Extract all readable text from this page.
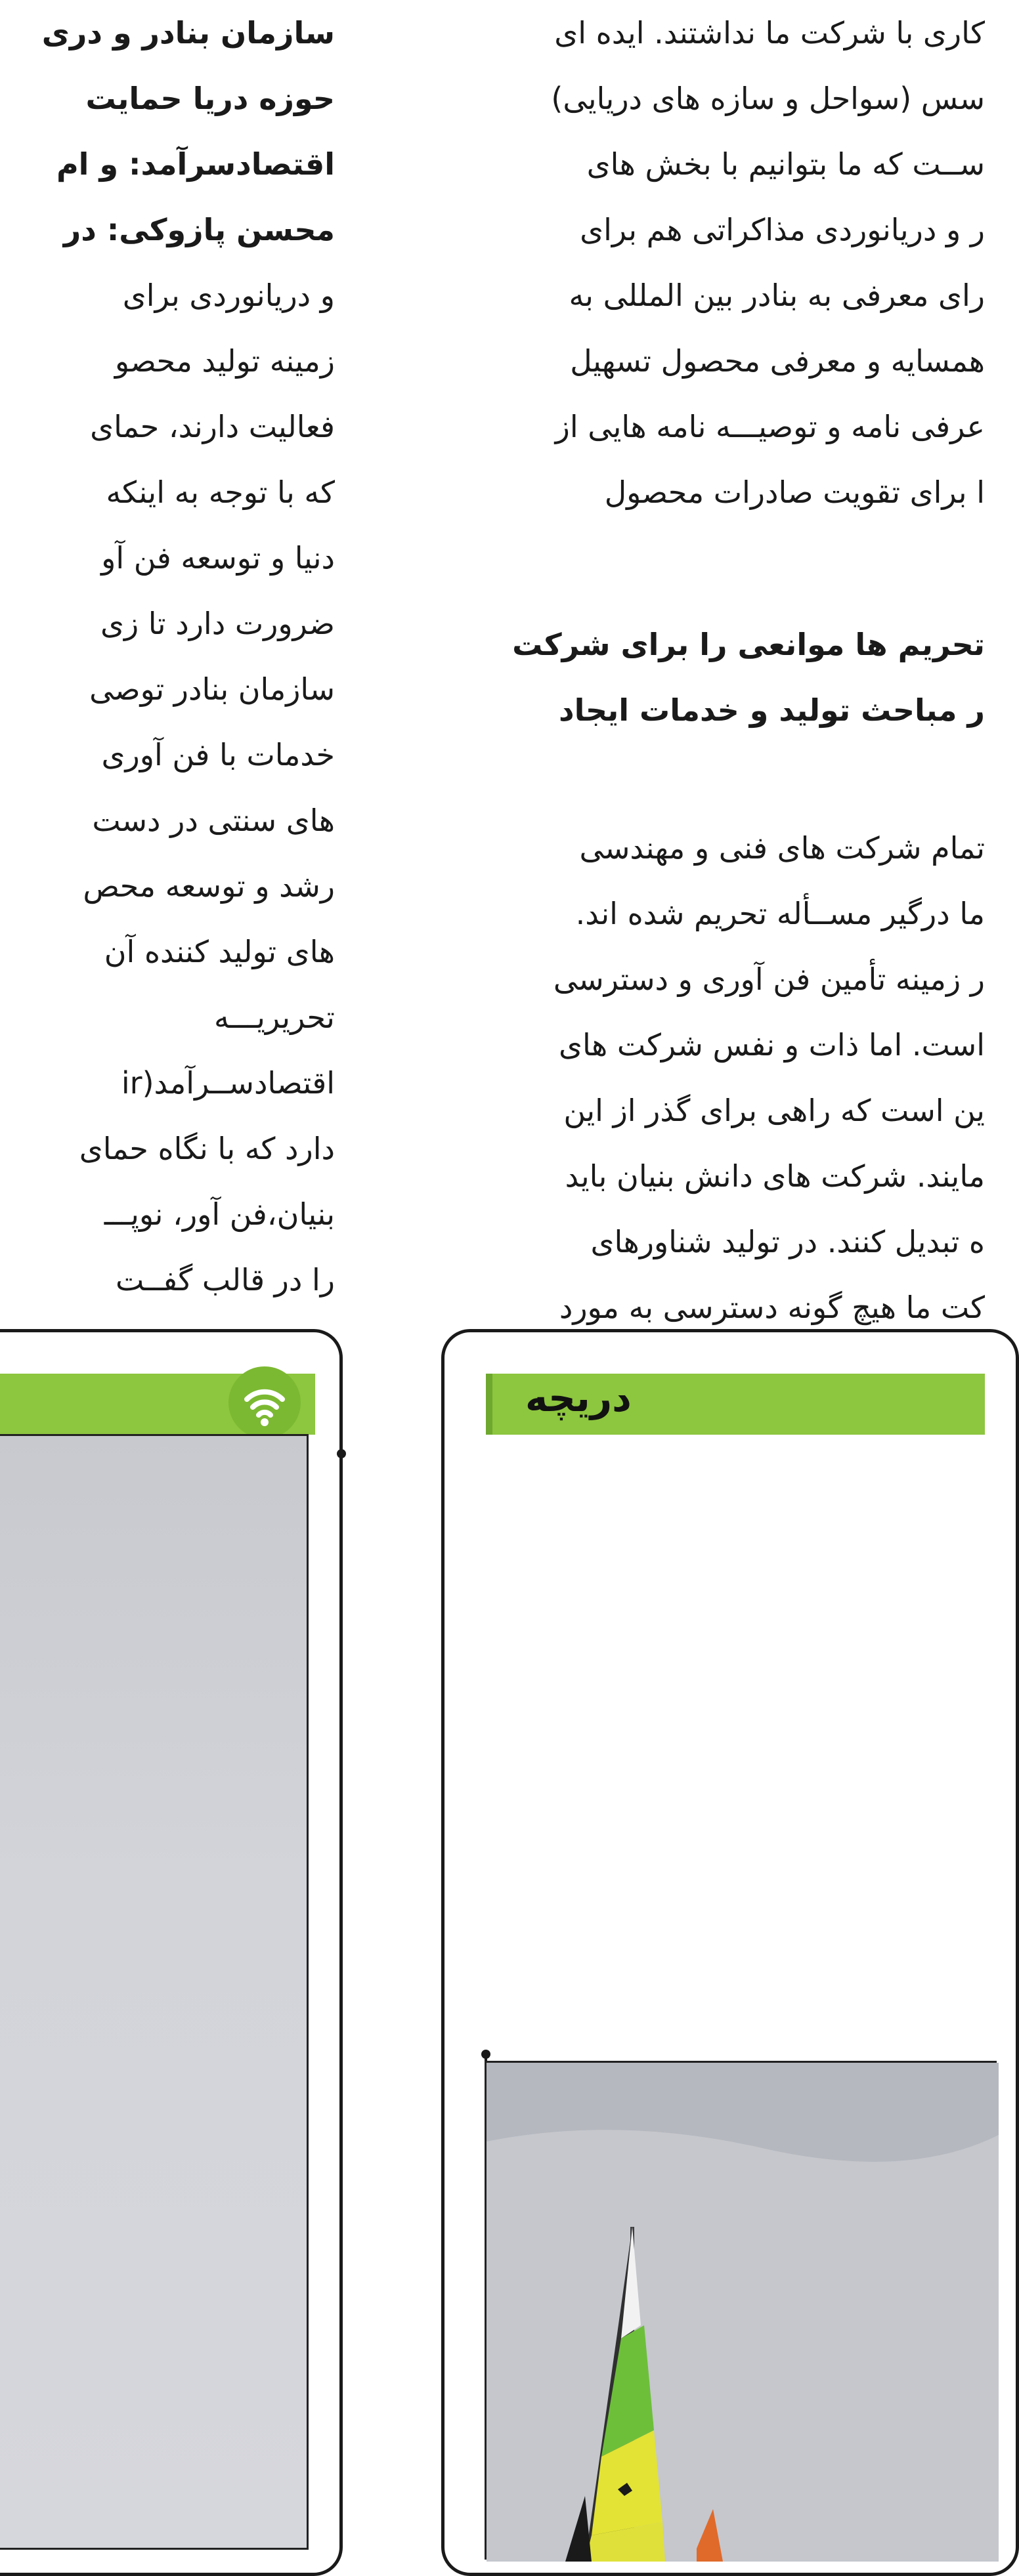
سازمان بنادر و دری
حوزه دریا حمایت
اقتصادسرآمد: و ام
محسن پازوکی: در
و دریانوردی برای
زمینه تولید محصو
فعالیت دارند، حمای
که با توجه به اینکه
دنیا و توسعه فن آو
ضرورت دارد تا زی
سازمان بنادر توصی
خدمات با فن آوری
های سنتی در دست
رشد و توسعه محص
های تولید کننده آن
تحریریـــه
اقتصادســرآمد(ir
دارد که با نگاه حمای
بنیان،فن آور، نوپـــ
را در قالب گفــت
کاری با شرکت ما نداشتند. ایده ای
سس (سواحل و سازه های دریایی)
ســت که ما بتوانیم با بخش های
ر و دریانوردی مذاکراتی هم برای
رای معرفی به بنادر بین المللی به
همسایه و معرفی محصول تسهیل
عرفی نامه و توصیـــه نامه هایی از
ا برای تقویت صادرات محصول
تحریم ها موانعی را برای شرکت
ر مباحث تولید و خدمات ایجاد
تمام شرکت های فنی و مهندسی
ما درگیر مســأله تحریم شده اند.
ر زمینه تأمین فن آوری و دسترسی
است. اما ذات و نفس شرکت های
ین است که راهی برای گذر از این
مایند. شرکت های دانش بنیان باید
ه تبدیل کنند. در تولید شناورهای
کت ما هیچ گونه دسترسی به مورد
دریچه
